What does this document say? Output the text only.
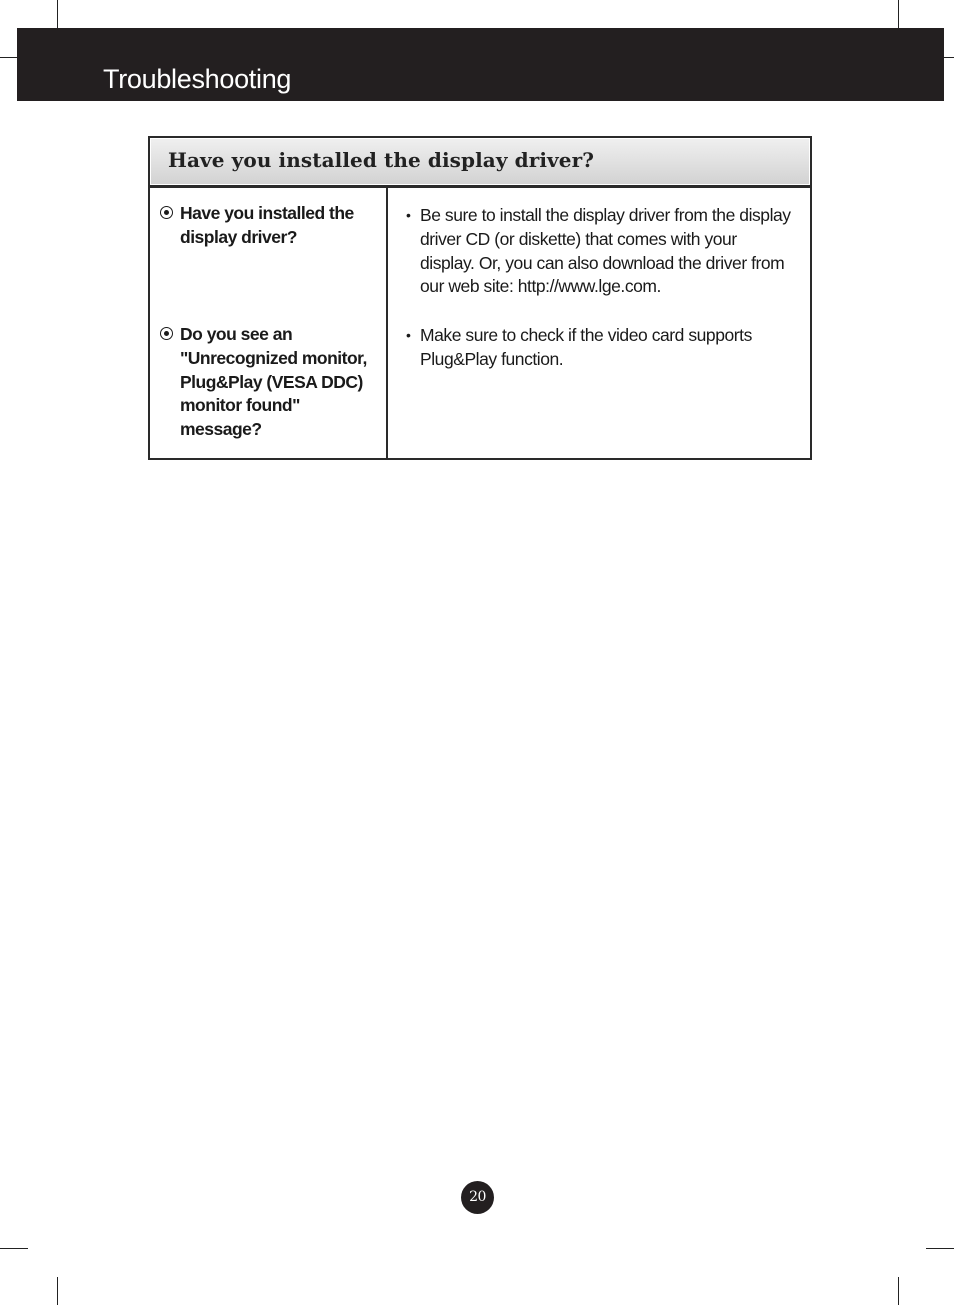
Troubleshooting
Have you installed the display driver?
Have you installed the display driver?
• Be sure to install the display driver from the display driver CD (or diskette) that comes with your display. Or, you can also download the driver from our web site: http://www.lge.com.
Do you see an "Unrecognized monitor, Plug&Play (VESA DDC) monitor found" message?
• Make sure to check if the video card supports Plug&Play function.
20
